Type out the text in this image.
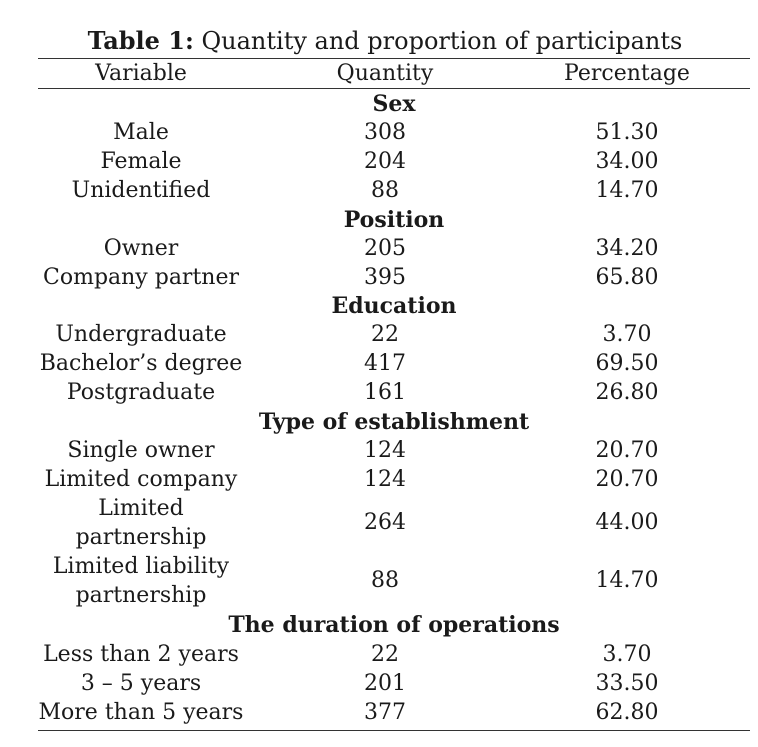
Table 1: Quantity and proportion of participants
Variable	Quantity	Percentage
Sex
Male	308	51.30
Female	204	34.00
Unidentified	88	14.70
Position
Owner	205	34.20
Company partner	395	65.80
Education
Undergraduate	22	3.70
Bachelor’s degree	417	69.50
Postgraduate	161	26.80
Type of establishment
Single owner	124	20.70
Limited company	124	20.70
Limited
partnership
264	44.00
Limited liability
partnership
88	14.70
The duration of operations
Less than 2 years	22	3.70
3 – 5 years	201	33.50
More than 5 years	377	62.80
